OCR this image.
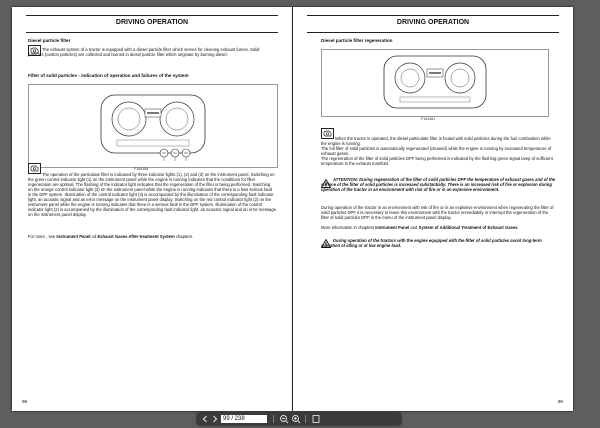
DRIVING OPERATION
Diesel particle filter
The exhaust system of a tractor is equipped with a diesel particle filter which serves for cleaning exhaust fumes. Solid particles (carbon particles) are collected and burned in diesel particle filter which originate by burning diesel.
Filter of solid particles - indication of operation and failures of the system
F164358
The operation of the particulate filter is indicated by three indicator lights (1), (2) and (3) on the instrument panel. Switching on the green control indicator light (1) on the instrument panel while the engine is running indicates that the conditions for filter regeneration are optimal. The flashing of the indicator light indicates that the regeneration of the filter is being performed. Switching on the orange control indicator light (2) on the instrument panel while the engine is running indicates that there is a less serious fault in the DPF system. Illumination of the control indicator light (3) is accompanied by the illumination of the corresponding fault indicator light, an acoustic signal and an error message on the instrument panel display. Switching on the red control indicator light (2) on the instrument panel while the engine is running indicates that there is a serious fault in the DPF system. Illumination of the control indicator light (2) is accompanied by the illumination of the corresponding fault indicator light, an acoustic signal and an error message on the instrument panel display.
For more , see Instrument Panel nd Exhaust Gases After-treatment System chapters.
98
DRIVING OPERATION
Diesel particle filter regeneration
F164361
When the tractor is operated, the diesel particulate filter is fouled with solid particles during the fuel combustion while the engine is running.
The full filter of solid particles is automatically regenerated (cleaned) while the engine is running by increased temperature of exhaust gases.
The regeneration of the filter of solid particles DPF being performed is indicated by the flashing green signal lamp of sufficient temperature in the exhaust manifold.
ATTENTION: During regeneration of the filter of solid particles DPF the temperature of exhaust gases and of the surface of the filter of solid particles is increased substantially. There is an increased risk of fire or explosion during operation of the tractor in an environment with risk of fire or in an explosive environment.
During operation of the tractor in an environment with risk of fire or in an explosive environment when regenerating the filter of solid particles DPF it is necessary to leave this environment with the tractor immediately or interrupt the regeneration of the filter of solid particles DPF in the menu of the instrument panel display.
More information in chapters Instrument Panel and System of Additional Treatment of Exhaust Gases.
During operation of the tractors with the engine equipped with the filter of solid particles avoid long-term operation at idling or at low engine load.
99
99 / 238
